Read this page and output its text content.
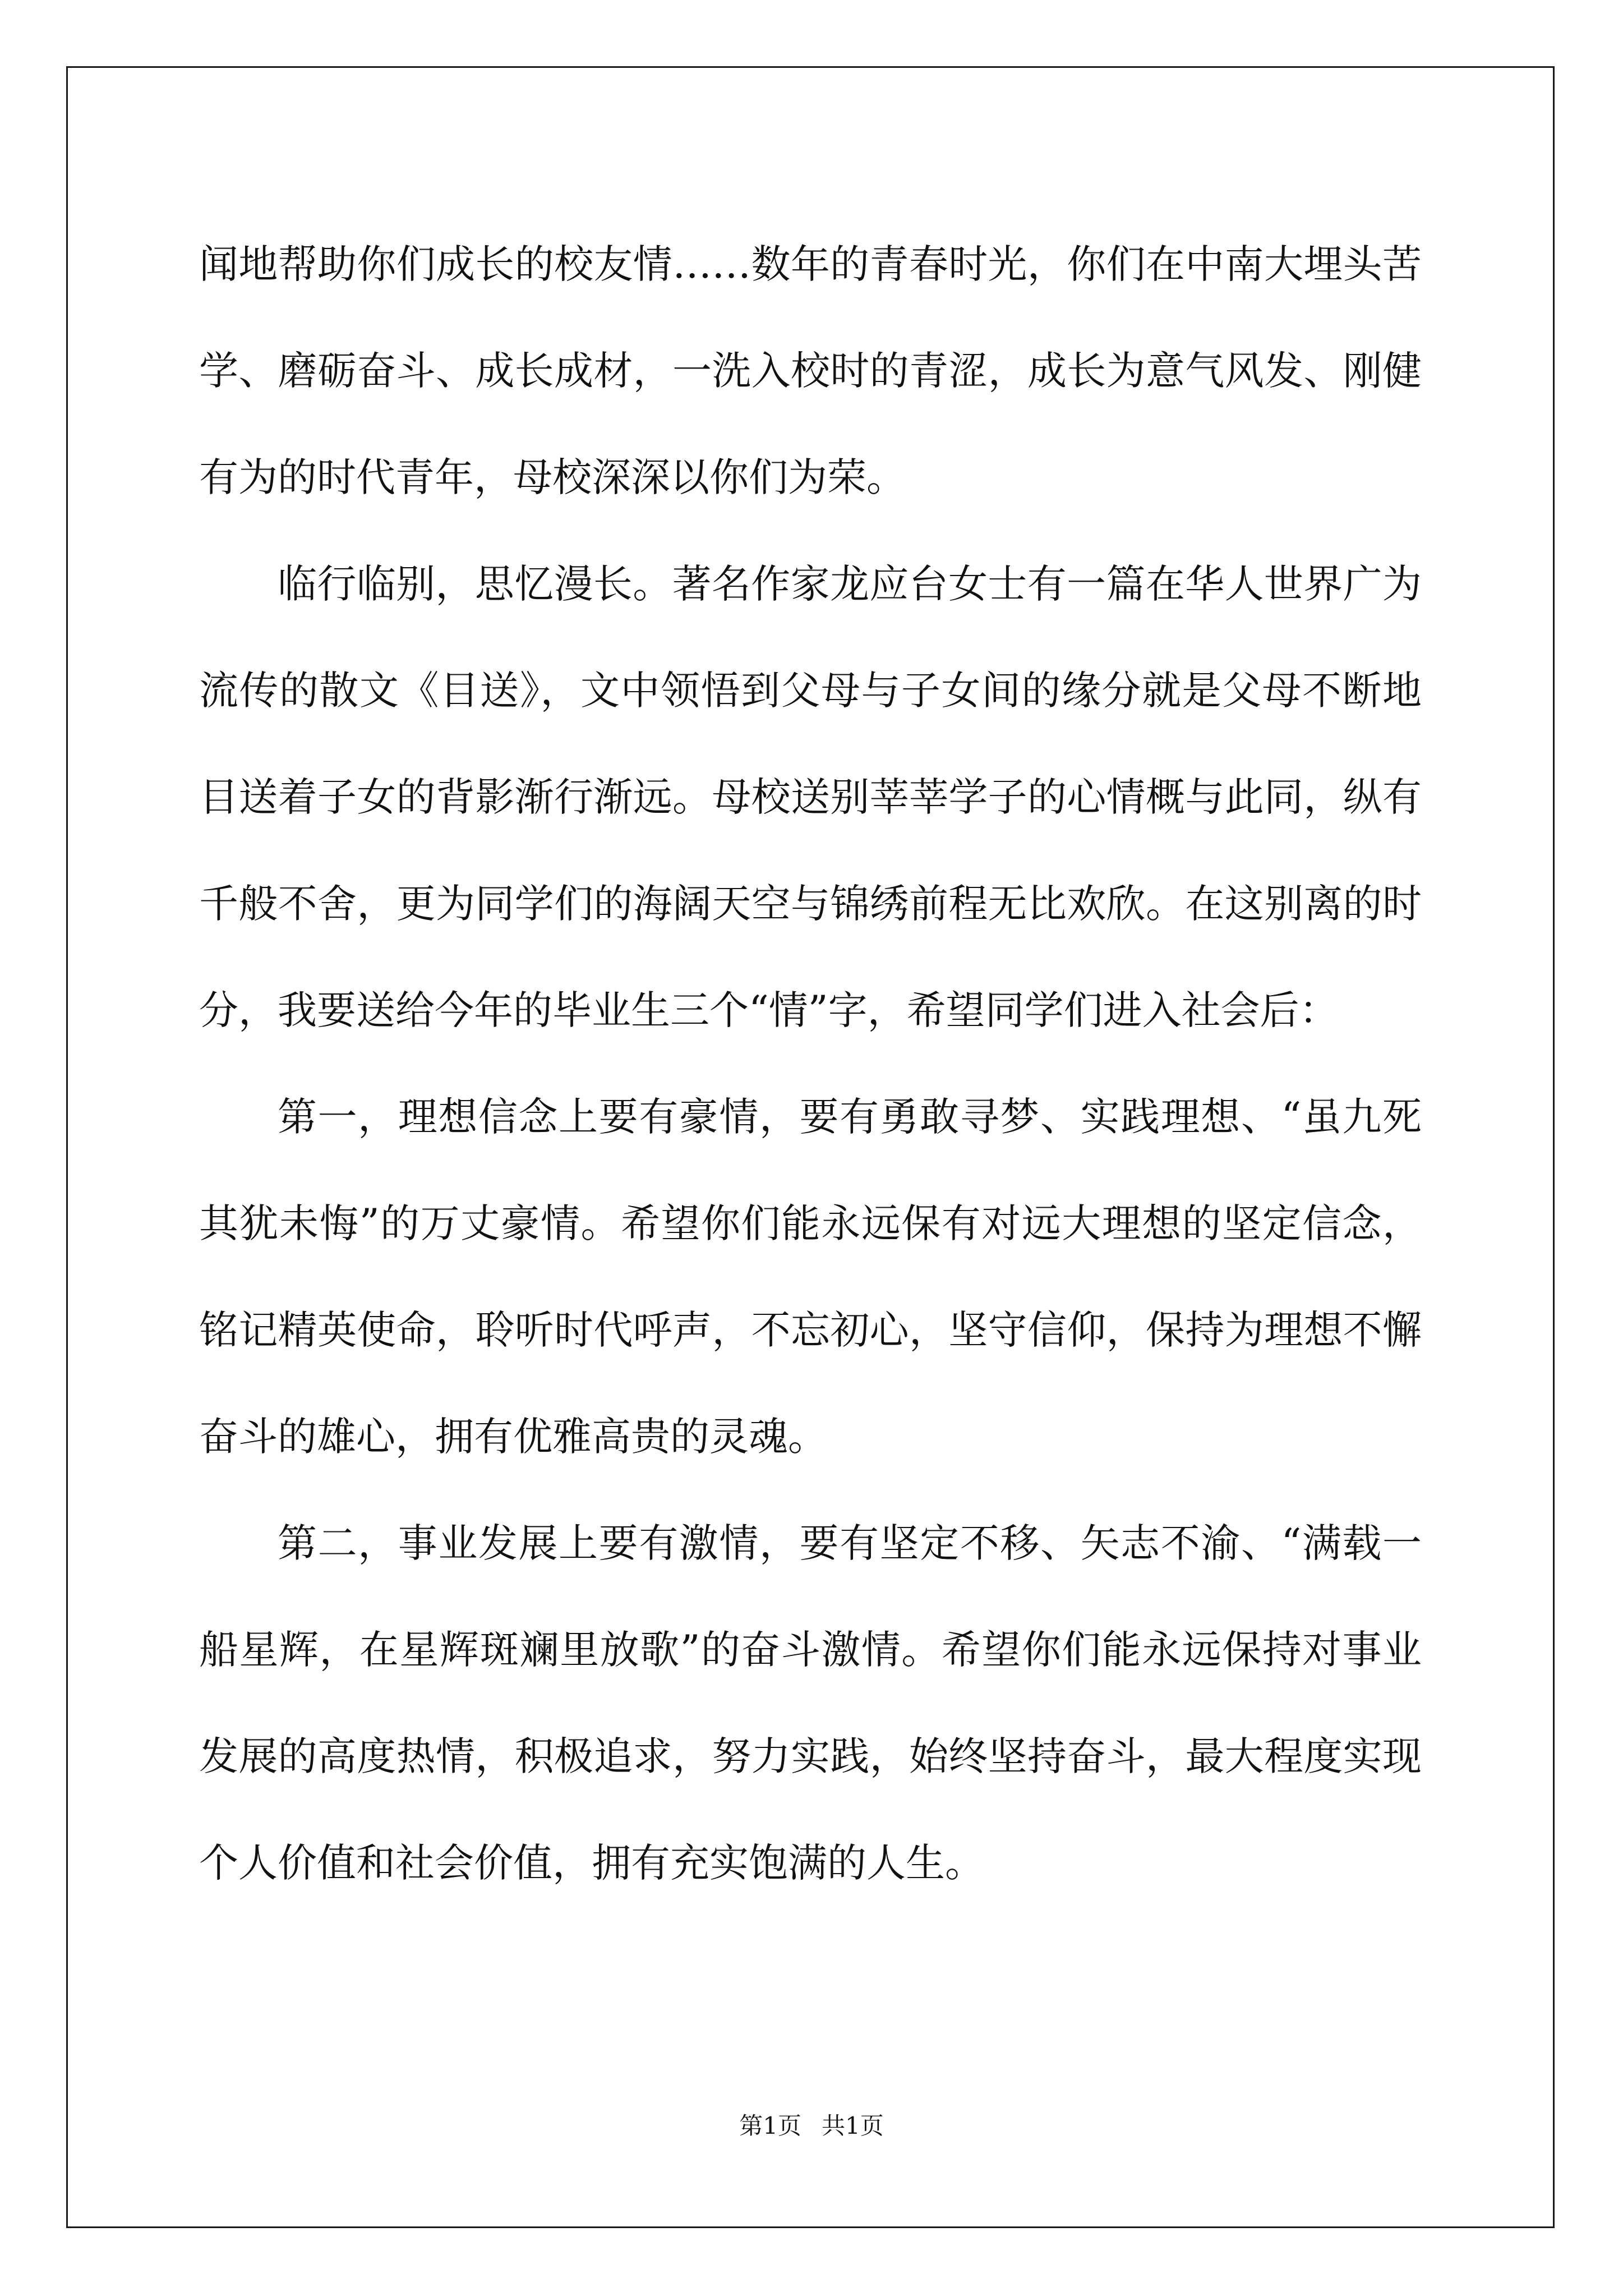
闻地帮助你们成长的校友情……数年的青春时光，你们在中南大埋头苦学、磨砺奋斗、成长成材，一洗入校时的青涩，成长为意气风发、刚健有为的时代青年，母校深深以你们为荣。

临行临别，思忆漫长。著名作家龙应台女士有一篇在华人世界广为流传的散文《目送》，文中领悟到父母与子女间的缘分就是父母不断地目送着子女的背影渐行渐远。母校送别莘莘学子的心情概与此同，纵有千般不舍，更为同学们的海阔天空与锦绣前程无比欢欣。在这别离的时分，我要送给今年的毕业生三个“情”字，希望同学们进入社会后：

第一，理想信念上要有豪情，要有勇敢寻梦、实践理想、“虽九死其犹未悔”的万丈豪情。希望你们能永远保有对远大理想的坚定信念，铭记精英使命，聆听时代呼声，不忘初心，坚守信仰，保持为理想不懈奋斗的雄心，拥有优雅高贵的灵魂。

第二，事业发展上要有激情，要有坚定不移、矢志不渝、“满载一船星辉，在星辉斑斓里放歌”的奋斗激情。希望你们能永远保持对事业发展的高度热情，积极追求，努力实践，始终坚持奋斗，最大程度实现个人价值和社会价值，拥有充实饱满的人生。

第1页 共1页
